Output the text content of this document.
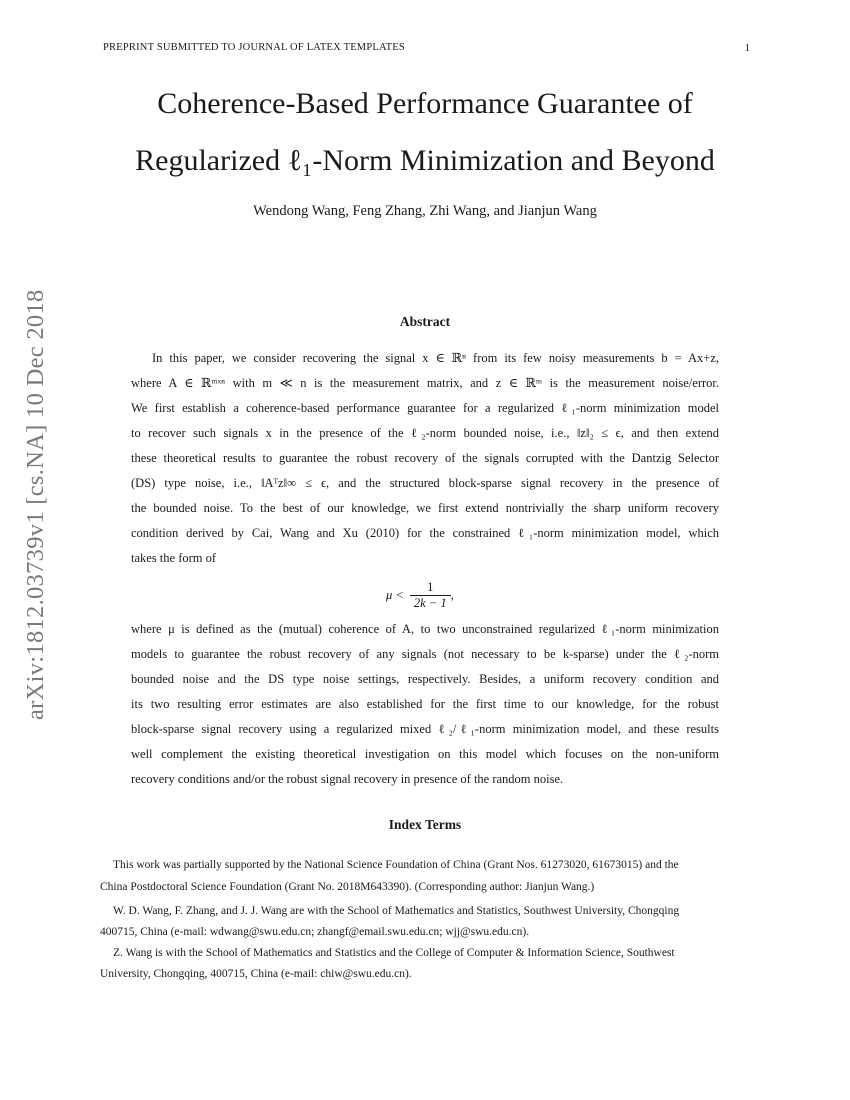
PREPRINT SUBMITTED TO JOURNAL OF LATEX TEMPLATES	1
arXiv:1812.03739v1 [cs.NA] 10 Dec 2018
Coherence-Based Performance Guarantee of
Regularized ℓ₁-Norm Minimization and Beyond
Wendong Wang, Feng Zhang, Zhi Wang, and Jianjun Wang
Abstract
In this paper, we consider recovering the signal x ∈ ℝⁿ from its few noisy measurements b = Ax+z,
where A ∈ ℝᵐˣⁿ with m ≪ n is the measurement matrix, and z ∈ ℝᵐ is the measurement noise/error.
We first establish a coherence-based performance guarantee for a regularized ℓ₁-norm minimization model
to recover such signals x in the presence of the ℓ₂-norm bounded noise, i.e., ‖z‖₂ ≤ ϵ, and then extend
these theoretical results to guarantee the robust recovery of the signals corrupted with the Dantzig Selector
(DS) type noise, i.e., ‖Aᵀz‖∞ ≤ ϵ, and the structured block-sparse signal recovery in the presence of
the bounded noise. To the best of our knowledge, we first extend nontrivially the sharp uniform recovery
condition derived by Cai, Wang and Xu (2010) for the constrained ℓ₁-norm minimization model, which
takes the form of
$\mu < \frac{1}{2k - 1}$ ,
where μ is defined as the (mutual) coherence of A, to two unconstrained regularized ℓ₁-norm minimization
models to guarantee the robust recovery of any signals (not necessary to be k-sparse) under the ℓ₂-norm
bounded noise and the DS type noise settings, respectively. Besides, a uniform recovery condition and
its two resulting error estimates are also established for the first time to our knowledge, for the robust
block-sparse signal recovery using a regularized mixed ℓ₂/ℓ₁-norm minimization model, and these results
well complement the existing theoretical investigation on this model which focuses on the non-uniform
recovery conditions and/or the robust signal recovery in presence of the random noise.
Index Terms
This work was partially supported by the National Science Foundation of China (Grant Nos. 61273020, 61673015) and the
China Postdoctoral Science Foundation (Grant No. 2018M643390). (Corresponding author: Jianjun Wang.)
W. D. Wang, F. Zhang, and J. J. Wang are with the School of Mathematics and Statistics, Southwest University, Chongqing
400715, China (e-mail: wdwang@swu.edu.cn; zhangf@email.swu.edu.cn; wjj@swu.edu.cn).
Z. Wang is with the School of Mathematics and Statistics and the College of Computer & Information Science, Southwest
University, Chongqing, 400715, China (e-mail: chiw@swu.edu.cn).
